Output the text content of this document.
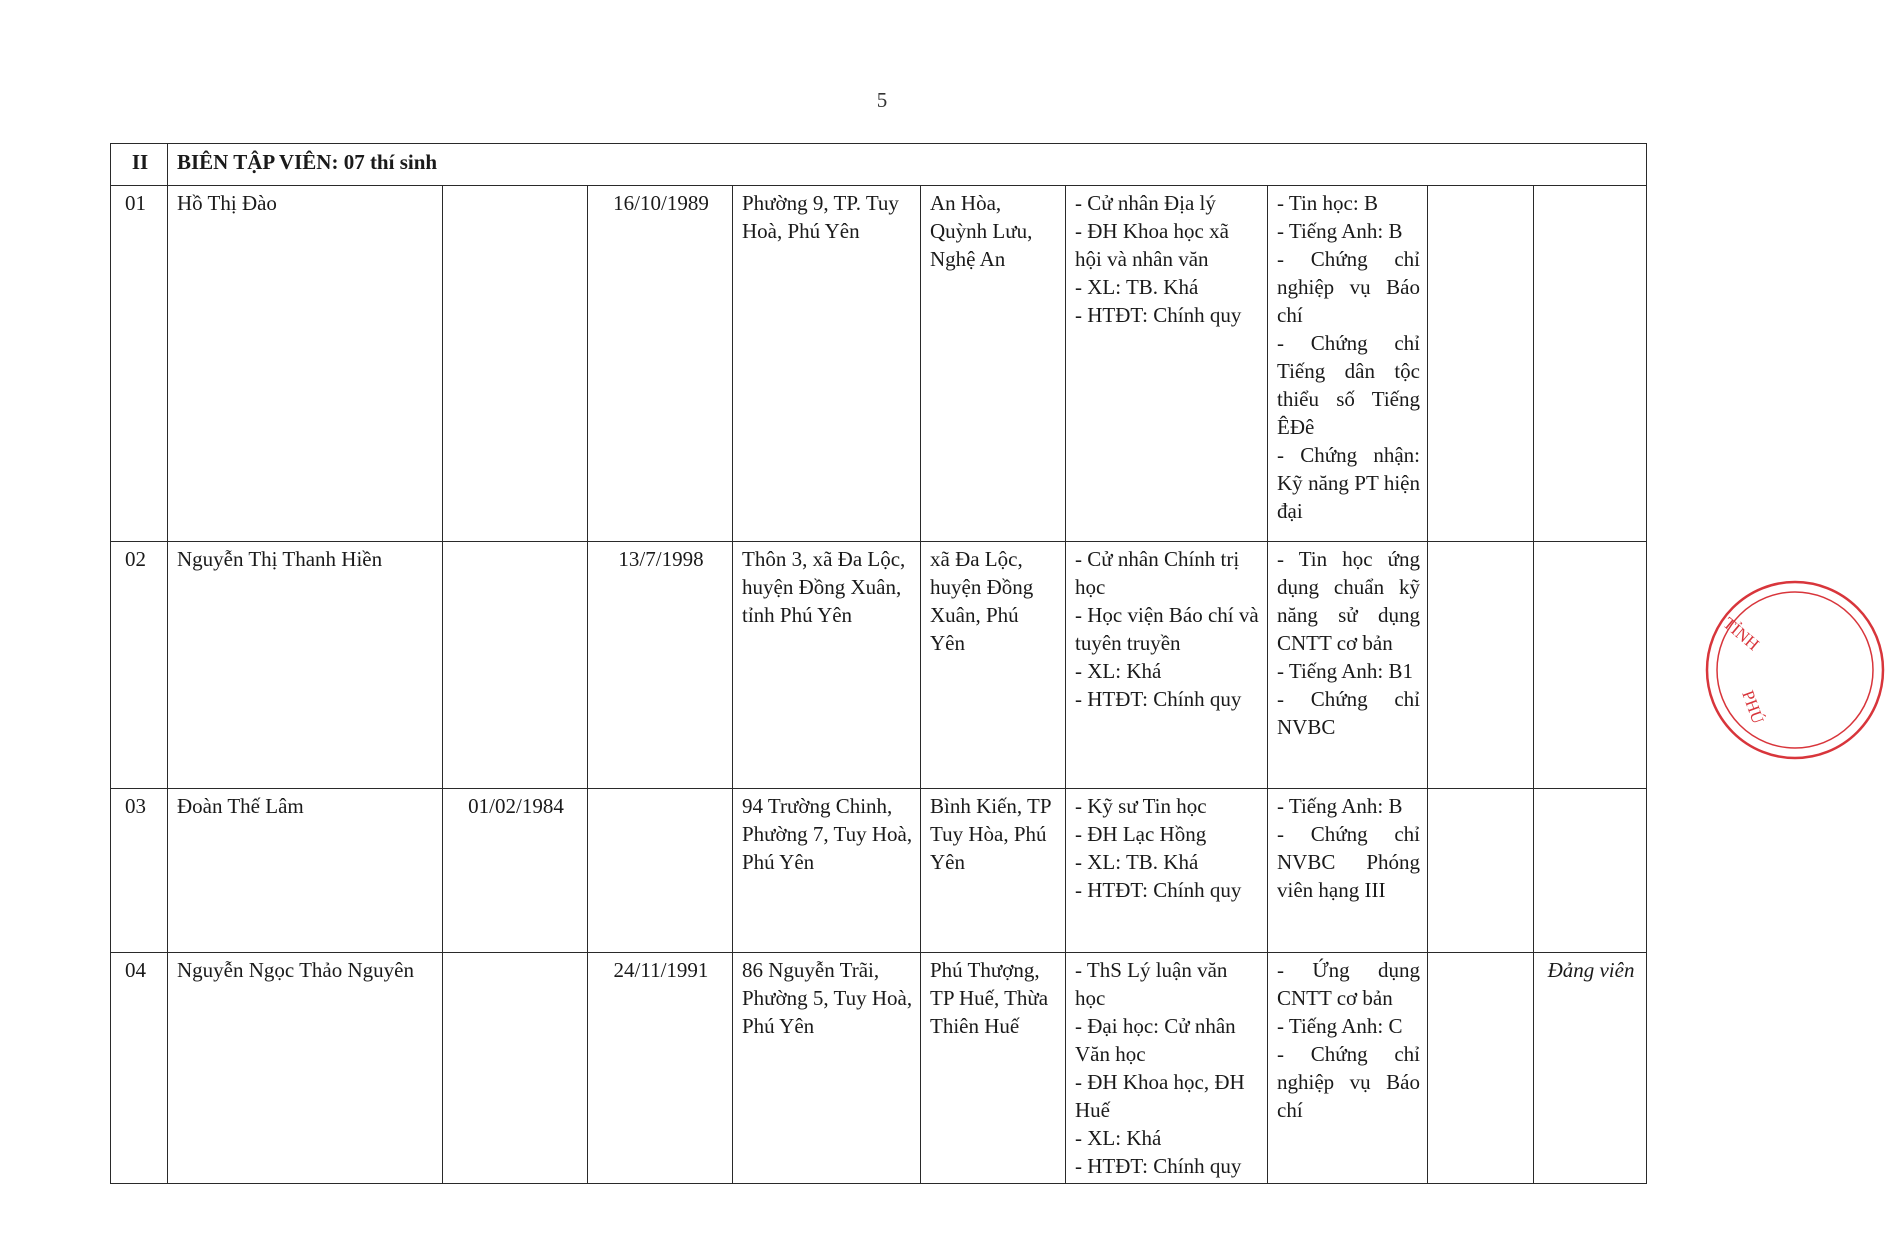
5
II	BIÊN TẬP VIÊN: 07 thí sinh								
01	Hồ Thị Đào		16/10/1989	Phường 9, TP. Tuy Hoà, Phú Yên	An Hòa, Quỳnh Lưu, Nghệ An	- Cử nhân Địa lý
- ĐH Khoa học xã hội và nhân văn
- XL: TB. Khá
- HTĐT: Chính quy	- Tin học: B
- Tiếng Anh: B
- Chứng chỉ nghiệp vụ Báo chí
- Chứng chỉ Tiếng dân tộc thiểu số Tiếng ÊĐê
- Chứng nhận: Kỹ năng PT hiện đại		

02	Nguyễn Thị Thanh Hiền		13/7/1998	Thôn 3, xã Đa Lộc, huyện Đồng Xuân, tỉnh Phú Yên	xã Đa Lộc, huyện Đồng Xuân, Phú Yên	- Cử nhân Chính trị học
- Học viện Báo chí và tuyên truyền
- XL: Khá
- HTĐT: Chính quy	- Tin học ứng dụng chuẩn kỹ năng sử dụng CNTT cơ bản
- Tiếng Anh: B1
- Chứng chỉ NVBC		

03	Đoàn Thế Lâm	01/02/1984		94 Trường Chinh, Phường 7, Tuy Hoà, Phú Yên	Bình Kiến, TP Tuy Hòa, Phú Yên	- Kỹ sư Tin học
- ĐH Lạc Hồng
- XL: TB. Khá
- HTĐT: Chính quy	- Tiếng Anh: B
- Chứng chỉ NVBC Phóng viên hạng III		

04	Nguyễn Ngọc Thảo Nguyên		24/11/1991	86 Nguyễn Trãi, Phường 5, Tuy Hoà, Phú Yên	Phú Thượng, TP Huế, Thừa Thiên Huế	- ThS Lý luận văn học
- Đại học: Cử nhân Văn học
- ĐH Khoa học, ĐH Huế
- XL: Khá
- HTĐT: Chính quy	- Ứng dụng CNTT cơ bản
- Tiếng Anh: C
- Chứng chỉ nghiệp vụ Báo chí		Đảng viên
TỈNH
PHÚ
